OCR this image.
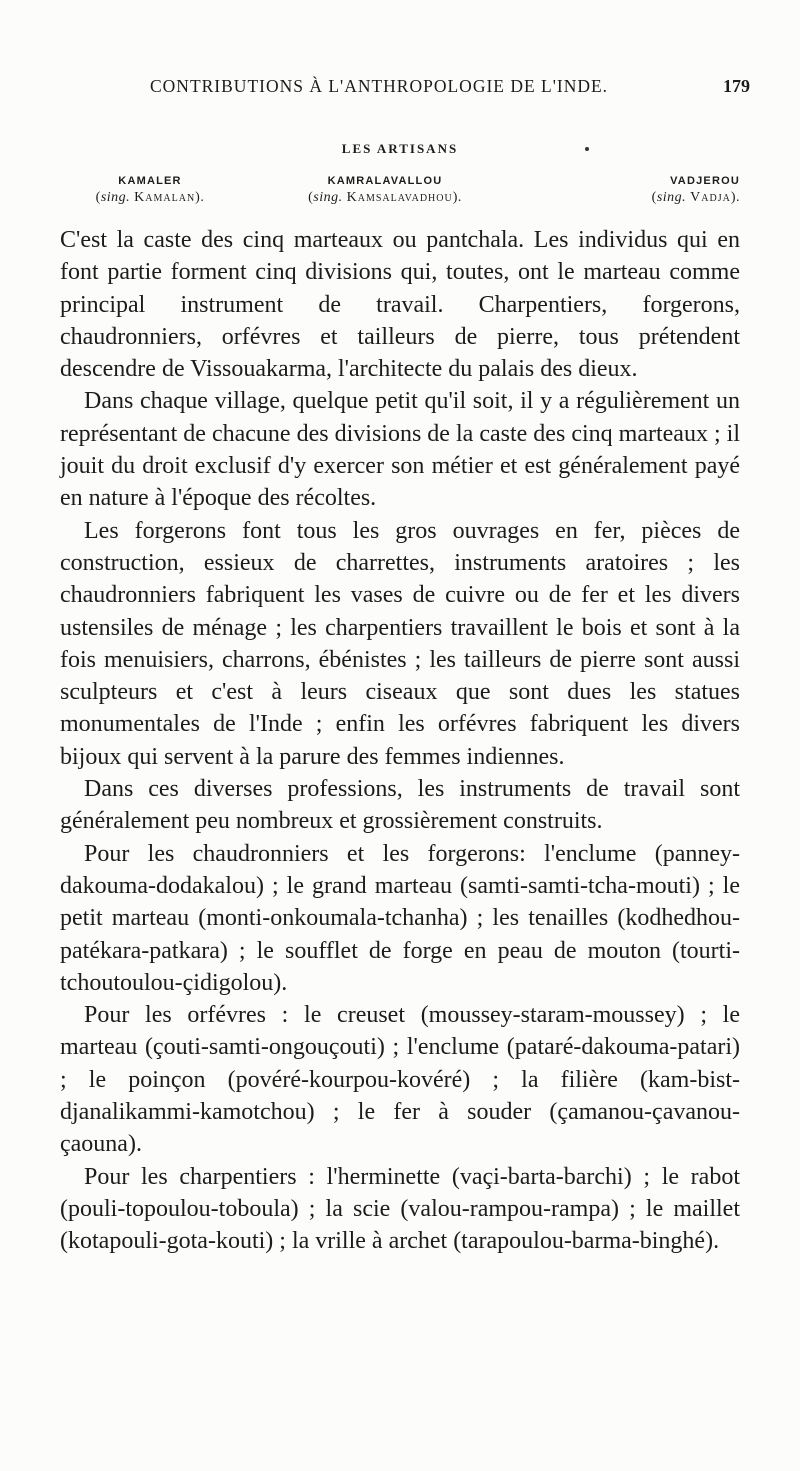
CONTRIBUTIONS À L'ANTHROPOLOGIE DE L'INDE.	179
LES ARTISANS
KAMALER
(sing. Kamalan).
KAMRALAVALLOU
(sing. Kamsalavadhou).
VADJEROU
(sing. Vadja).

C'est la caste des cinq marteaux ou pantchala. Les individus qui en font partie forment cinq divisions qui, toutes, ont le marteau comme principal instrument de travail. Charpentiers, forgerons, chaudronniers, orfévres et tailleurs de pierre, tous prétendent descendre de Vissouakarma, l'architecte du palais des dieux.

Dans chaque village, quelque petit qu'il soit, il y a régulièrement un représentant de chacune des divisions de la caste des cinq marteaux ; il jouit du droit exclusif d'y exercer son métier et est généralement payé en nature à l'époque des récoltes.

Les forgerons font tous les gros ouvrages en fer, pièces de construction, essieux de charrettes, instruments aratoires ; les chaudronniers fabriquent les vases de cuivre ou de fer et les divers ustensiles de ménage ; les charpentiers travaillent le bois et sont à la fois menuisiers, charrons, ébénistes ; les tailleurs de pierre sont aussi sculpteurs et c'est à leurs ciseaux que sont dues les statues monumentales de l'Inde ; enfin les orfévres fabriquent les divers bijoux qui servent à la parure des femmes indiennes.

Dans ces diverses professions, les instruments de travail sont généralement peu nombreux et grossièrement construits.

Pour les chaudronniers et les forgerons: l'enclume (panney-dakouma-dodakalou) ; le grand marteau (samti-samti-tcha-mouti) ; le petit marteau (monti-onkoumala-tchanha) ; les tenailles (kodhedhou-patékara-patkara) ; le soufflet de forge en peau de mouton (tourti-tchoutoulou-çidigolou).

Pour les orfévres : le creuset (moussey-staram-moussey) ; le marteau (çouti-samti-ongouçouti) ; l'enclume (pataré-dakouma-patari) ; le poinçon (povéré-kourpou-kovéré) ; la filière (kam-bist-djanalikammi-kamotchou) ; le fer à souder (çamanou-çavanou-çaouna).

Pour les charpentiers : l'herminette (vaçi-barta-barchi) ; le rabot (pouli-topoulou-toboula) ; la scie (valou-rampou-rampa) ; le maillet (kotapouli-gota-kouti) ; la vrille à archet (tarapoulou-barma-binghé).
